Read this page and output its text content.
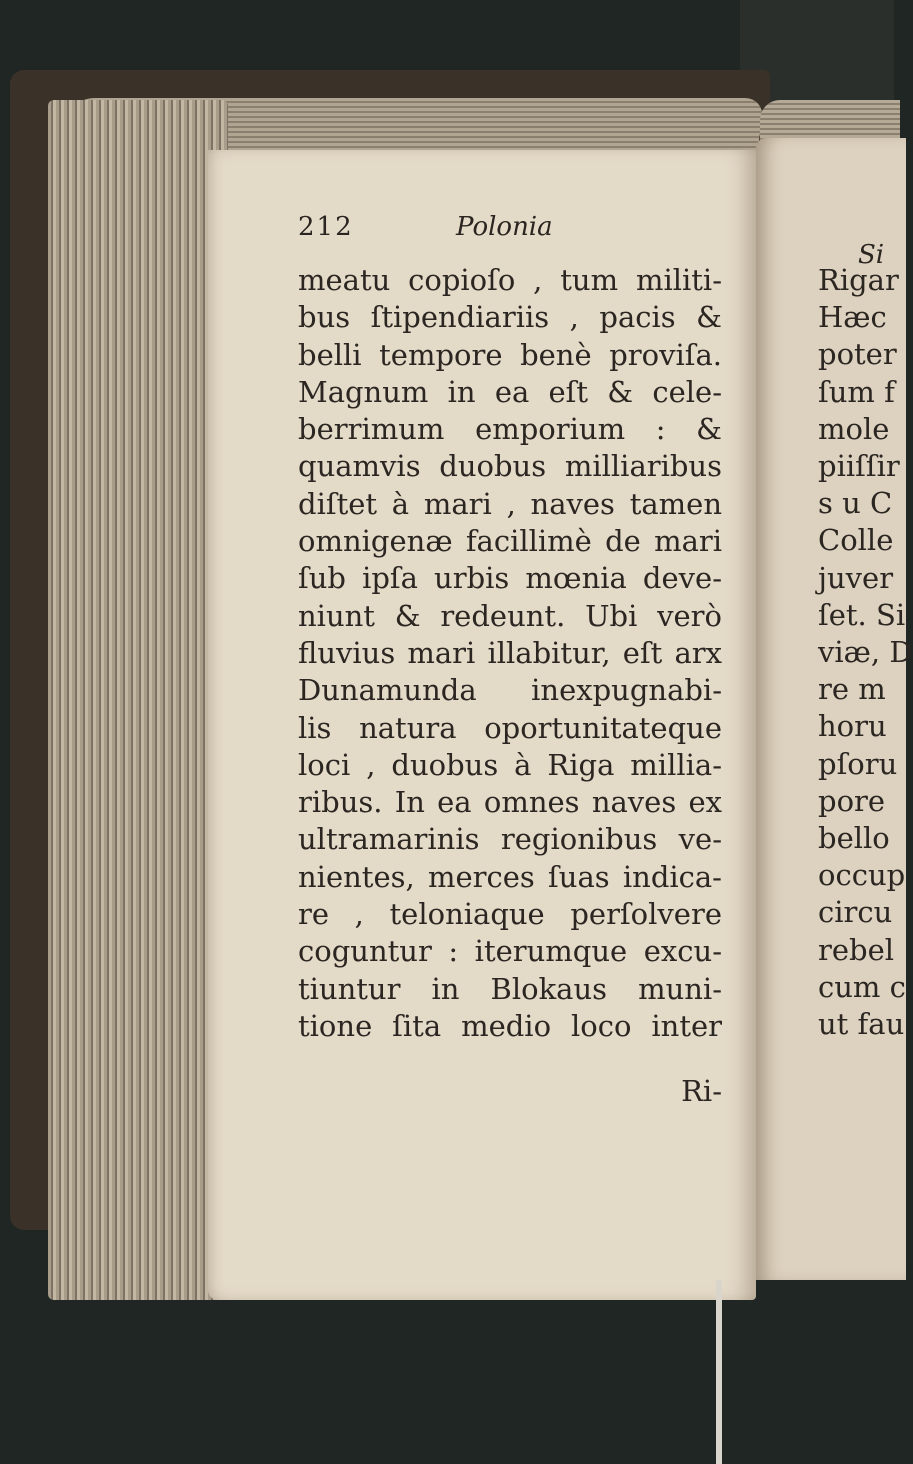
212	Polonia
meatu copioſo , tum militi-
bus ſtipendiariis , pacis &
belli tempore benè proviſa.
Magnum in ea eſt & cele-
berrimum emporium : &
quamvis duobus milliaribus
diſtet à mari , naves tamen
omnigenæ facillimè de mari
ſub ipſa urbis mœnia deve-
niunt & redeunt. Ubi verò
fluvius mari illabitur, eſt arx
Dunamunda inexpugnabi-
lis natura oportunitateque
loci , duobus à Riga millia-
ribus. In ea omnes naves ex
ultramarinis regionibus ve-
nientes, merces ſuas indica-
re , teloniaque perſolvere
coguntur : iterumque excu-
tiuntur in Blokaus muni-
tione ſita medio loco inter
Ri-
Si
Rigar
Hæc
poter
ſum f
mole
piiſſir
s u C
Colle
juver
ſet. Si
viæ, D
re m
horu
pſoru
pore
bello
occup
circu
rebel
cum c
ut fau
